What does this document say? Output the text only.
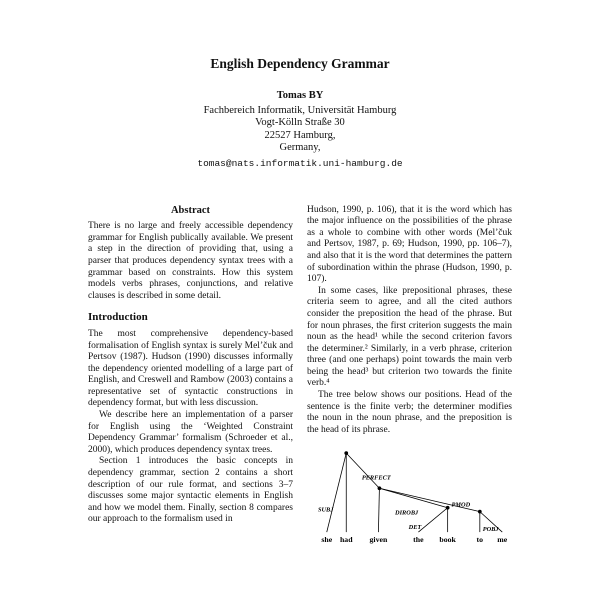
English Dependency Grammar
Tomas BY
Fachbereich Informatik, Universität Hamburg
Vogt-Kölln Straße 30
22527 Hamburg,
Germany,
tomas@nats.informatik.uni-hamburg.de
Abstract

There is no large and freely accessible dependency grammar for English publically available. We present a step in the direction of providing that, using a parser that produces dependency syntax trees with a grammar based on constraints. How this system models verbs phrases, conjunctions, and relative clauses is described in some detail.

Introduction

The most comprehensive dependency-based formalisation of English syntax is surely Mel’čuk and Pertsov (1987). Hudson (1990) discusses informally the dependency oriented modelling of a large part of English, and Creswell and Rambow (2003) contains a representative set of syntactic constructions in dependency format, but with less discussion.

We describe here an implementation of a parser for English using the ‘Weighted Constraint Dependency Grammar’ formalism (Schroeder et al., 2000), which produces dependency syntax trees.

Section 1 introduces the basic concepts in dependency grammar, section 2 contains a short description of our rule format, and sections 3–7 discusses some major syntactic elements in English and how we model them. Finally, section 8 compares our approach to the formalism used in

Hudson, 1990, p. 106), that it is the word which has the major influence on the possibilities of the phrase as a whole to combine with other words (Mel’čuk and Pertsov, 1987, p. 69; Hudson, 1990, pp. 106–7), and also that it is the word that determines the pattern of subordination within the phrase (Hudson, 1990, p. 107).

In some cases, like prepositional phrases, these criteria seem to agree, and all the cited authors consider the preposition the head of the phrase. But for noun phrases, the first criterion suggests the main noun as the head¹ while the second criterion favors the determiner.² Similarly, in a verb phrase, criterion three (and one perhaps) point towards the main verb being the head³ but criterion two towards the finite verb.⁴

The tree below shows our positions. Head of the sentence is the finite verb; the determiner modifies the noun in the noun phrase, and the preposition is the head of its phrase.

SUBJ
PERFECT
DIROBJ
DET
PMOD
POBJ
she had given	the book	to me
